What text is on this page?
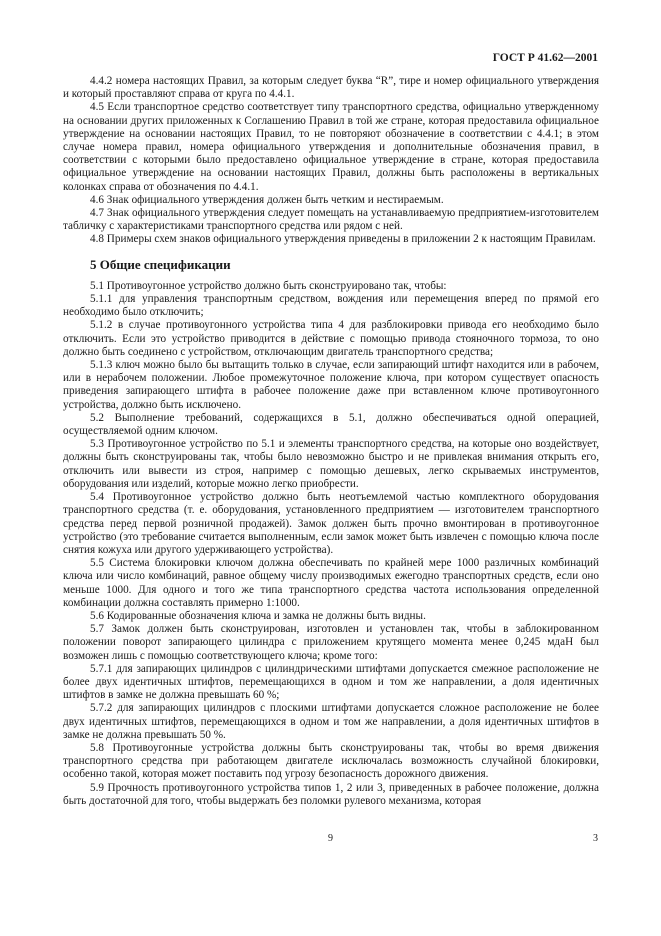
ГОСТ Р 41.62—2001

4.4.2 номера настоящих Правил, за которым следует буква “R”, тире и номер официального утверждения и который проставляют справа от круга по 4.4.1.

4.5 Если транспортное средство соответствует типу транспортного средства, официально утвержденному на основании других приложенных к Соглашению Правил в той же стране, которая предоставила официальное утверждение на основании настоящих Правил, то не повторяют обозначение в соответствии с 4.4.1; в этом случае номера правил, номера официального утверждения и дополнительные обозначения правил, в соответствии с которыми было предоставлено официальное утверждение в стране, которая предоставила официальное утверждение на основании настоящих Правил, должны быть расположены в вертикальных колонках справа от обозначения по 4.4.1.

4.6 Знак официального утверждения должен быть четким и нестираемым.

4.7 Знак официального утверждения следует помещать на устанавливаемую предприятием-изготовителем табличку с характеристиками транспортного средства или рядом с ней.

4.8 Примеры схем знаков официального утверждения приведены в приложении 2 к настоящим Правилам.

5 Общие спецификации

5.1 Противоугонное устройство должно быть сконструировано так, чтобы:

5.1.1 для управления транспортным средством, вождения или перемещения вперед по прямой его необходимо было отключить;

5.1.2 в случае противоугонного устройства типа 4 для разблокировки привода его необходимо было отключить. Если это устройство приводится в действие с помощью привода стояночного тормоза, то оно должно быть соединено с устройством, отключающим двигатель транспортного средства;

5.1.3 ключ можно было бы вытащить только в случае, если запирающий штифт находится или в рабочем, или в нерабочем положении. Любое промежуточное положение ключа, при котором существует опасность приведения запирающего штифта в рабочее положение даже при вставленном ключе противоугонного устройства, должно быть исключено.

5.2 Выполнение требований, содержащихся в 5.1, должно обеспечиваться одной операцией, осуществляемой одним ключом.

5.3 Противоугонное устройство по 5.1 и элементы транспортного средства, на которые оно воздействует, должны быть сконструированы так, чтобы было невозможно быстро и не привлекая внимания открыть его, отключить или вывести из строя, например с помощью дешевых, легко скрываемых инструментов, оборудования или изделий, которые можно легко приобрести.

5.4 Противоугонное устройство должно быть неотъемлемой частью комплектного оборудования транспортного средства (т. е. оборудования, установленного предприятием — изготовителем транспортного средства перед первой розничной продажей). Замок должен быть прочно вмонтирован в противоугонное устройство (это требование считается выполненным, если замок может быть извлечен с помощью ключа после снятия кожуха или другого удерживающего устройства).

5.5 Система блокировки ключом должна обеспечивать по крайней мере 1000 различных комбинаций ключа или число комбинаций, равное общему числу производимых ежегодно транспортных средств, если оно меньше 1000. Для одного и того же типа транспортного средства частота использования определенной комбинации должна составлять примерно 1:1000.

5.6 Кодированные обозначения ключа и замка не должны быть видны.

5.7 Замок должен быть сконструирован, изготовлен и установлен так, чтобы в заблокированном положении поворот запирающего цилиндра с приложением крутящего момента менее 0,245 мдаН был возможен лишь с помощью соответствующего ключа; кроме того:

5.7.1 для запирающих цилиндров с цилиндрическими штифтами допускается смежное расположение не более двух идентичных штифтов, перемещающихся в одном и том же направлении, а доля идентичных штифтов в замке не должна превышать 60 %;

5.7.2 для запирающих цилиндров с плоскими штифтами допускается сложное расположение не более двух идентичных штифтов, перемещающихся в одном и том же направлении, а доля идентичных штифтов в замке не должна превышать 50 %.

5.8 Противоугонные устройства должны быть сконструированы так, чтобы во время движения транспортного средства при работающем двигателе исключалась возможность случайной блокировки, особенно такой, которая может поставить под угрозу безопасность дорожного движения.

5.9 Прочность противоугонного устройства типов 1, 2 или 3, приведенных в рабочее положение, должна быть достаточной для того, чтобы выдержать без поломки рулевого механизма, которая

9	3
